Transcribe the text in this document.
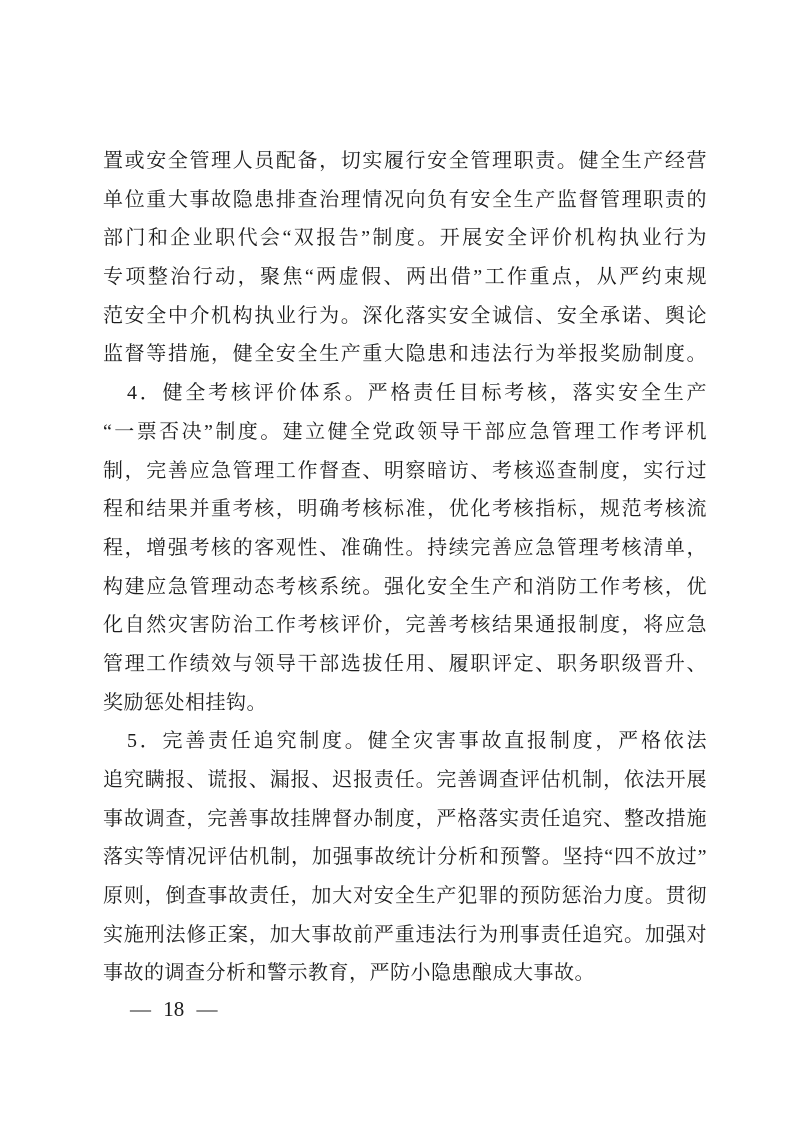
置或安全管理人员配备，切实履行安全管理职责。健全生产经营
单位重大事故隐患排查治理情况向负有安全生产监督管理职责的
部门和企业职代会“双报告”制度。开展安全评价机构执业行为
专项整治行动，聚焦“两虚假、两出借”工作重点，从严约束规
范安全中介机构执业行为。深化落实安全诚信、安全承诺、舆论
监督等措施，健全安全生产重大隐患和违法行为举报奖励制度。
4．健全考核评价体系。严格责任目标考核，落实安全生产
“一票否决”制度。建立健全党政领导干部应急管理工作考评机
制，完善应急管理工作督查、明察暗访、考核巡查制度，实行过
程和结果并重考核，明确考核标准，优化考核指标，规范考核流
程，增强考核的客观性、准确性。持续完善应急管理考核清单，
构建应急管理动态考核系统。强化安全生产和消防工作考核，优
化自然灾害防治工作考核评价，完善考核结果通报制度，将应急
管理工作绩效与领导干部选拔任用、履职评定、职务职级晋升、
奖励惩处相挂钩。
5．完善责任追究制度。健全灾害事故直报制度，严格依法
追究瞒报、谎报、漏报、迟报责任。完善调查评估机制，依法开展
事故调查，完善事故挂牌督办制度，严格落实责任追究、整改措施
落实等情况评估机制，加强事故统计分析和预警。坚持“四不放过”
原则，倒查事故责任，加大对安全生产犯罪的预防惩治力度。贯彻
实施刑法修正案，加大事故前严重违法行为刑事责任追究。加强对
事故的调查分析和警示教育，严防小隐患酿成大事故。
— 18 —
